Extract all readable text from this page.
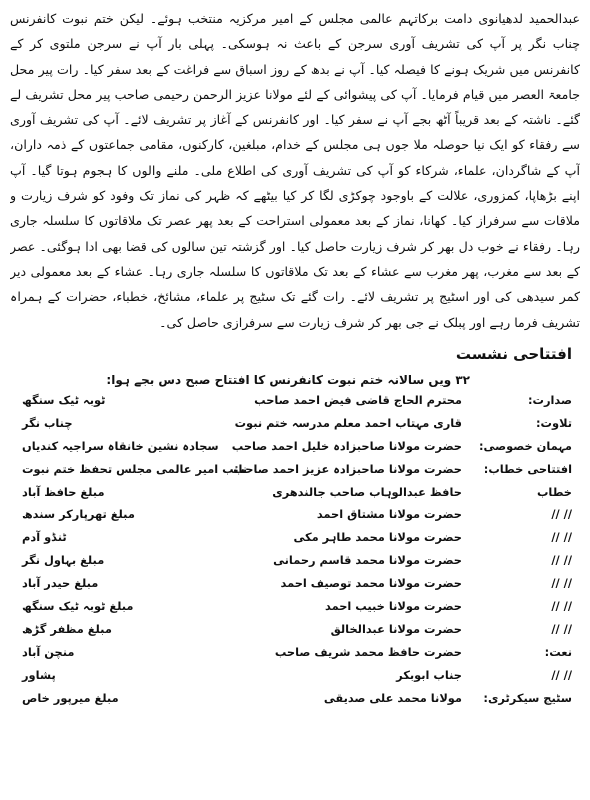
عبدالحمید لدھیانوی دامت برکاتہم عالمی مجلس کے امیر مرکزیہ منتخب ہوئے۔ لیکن ختم نبوت کانفرنس چناب نگر پر آپ کی تشریف آوری سرجن کے باعث نہ ہوسکی۔ پہلی بار آپ نے سرجن ملتوی کر کے کانفرنس میں شریک ہونے کا فیصلہ کیا۔ آپ نے بدھ کے روز اسباق سے فراغت کے بعد سفر کیا۔ رات پیر محل جامعۃ العصر میں قیام فرمایا۔ آپ کی پیشوائی کے لئے مولانا عزیز الرحمن رحیمی صاحب پیر محل تشریف لے گئے۔ ناشتہ کے بعد قریباً آٹھ بجے آپ نے سفر کیا۔ اور کانفرنس کے آغاز پر تشریف لائے۔ آپ کی تشریف آوری سے رفقاء کو ایک نیا حوصلہ ملا جوں ہی مجلس کے خدام، مبلغین، کارکنوں، مقامی جماعتوں کے ذمہ داران، آپ کے شاگردان، علماء، شرکاء کو آپ کی تشریف آوری کی اطلاع ملی۔ ملنے والوں کا ہجوم ہوتا گیا۔ آپ اپنے بڑھاپا، کمزوری، علالت کے باوجود چوکڑی لگا کر کیا بیٹھے کہ ظہر کی نماز تک وفود کو شرف زیارت و ملاقات سے سرفراز کیا۔ کھانا، نماز کے بعد معمولی استراحت کے بعد پھر عصر تک ملاقاتوں کا سلسلہ جاری رہا۔ رفقاء نے خوب دل بھر کر شرف زیارت حاصل کیا۔ اور گزشتہ تین سالوں کی قضا بھی ادا ہوگئی۔ عصر کے بعد سے مغرب، پھر مغرب سے عشاء کے بعد تک ملاقاتوں کا سلسلہ جاری رہا۔ عشاء کے بعد معمولی دیر کمر سیدھی کی اور اسٹیج پر تشریف لائے۔ رات گئے تک سٹیج پر علماء، مشائخ، خطباء، حضرات کے ہمراہ تشریف فرما رہے اور پبلک نے جی بھر کر شرف زیارت سے سرفرازی حاصل کی۔

افتتاحی نشست
۳۲ ویں سالانہ ختم نبوت کانفرنس کا افتتاح صبح دس بجے ہوا:
صدارت:
محترم الحاج قاضی فیض احمد صاحب
ٹوبہ ٹیک سنگھ
تلاوت:
قاری مہتاب احمد معلم مدرسہ ختم نبوت
چناب نگر
مہمان خصوصی:
حضرت مولانا صاحبزادہ خلیل احمد صاحب
سجادہ نشین خانقاہ سراجیہ کندیاں
افتتاحی خطاب:
حضرت مولانا صاحبزادہ عزیز احمد صاحب
نائب امیر عالمی مجلس تحفظ ختم نبوت
خطاب
حافظ عبدالوہاب صاحب جالندھری
مبلغ حافظ آباد
// //
حضرت مولانا مشتاق احمد
مبلغ تھرپارکر سندھ
// //
حضرت مولانا محمد طاہر مکی
ٹنڈو آدم
// //
حضرت مولانا محمد قاسم رحمانی
مبلغ بہاول نگر
// //
حضرت مولانا محمد توصیف احمد
مبلغ حیدر آباد
// //
حضرت مولانا خبیب احمد
مبلغ ٹوبہ ٹیک سنگھ
// //
حضرت مولانا عبدالخالق
مبلغ مظفر گڑھ
نعت:
حضرت حافظ محمد شریف صاحب
منچن آباد
// //
جناب ابوبکر
پشاور
سٹیج سیکرٹری:
مولانا محمد علی صدیقی
مبلغ میرپور خاص
